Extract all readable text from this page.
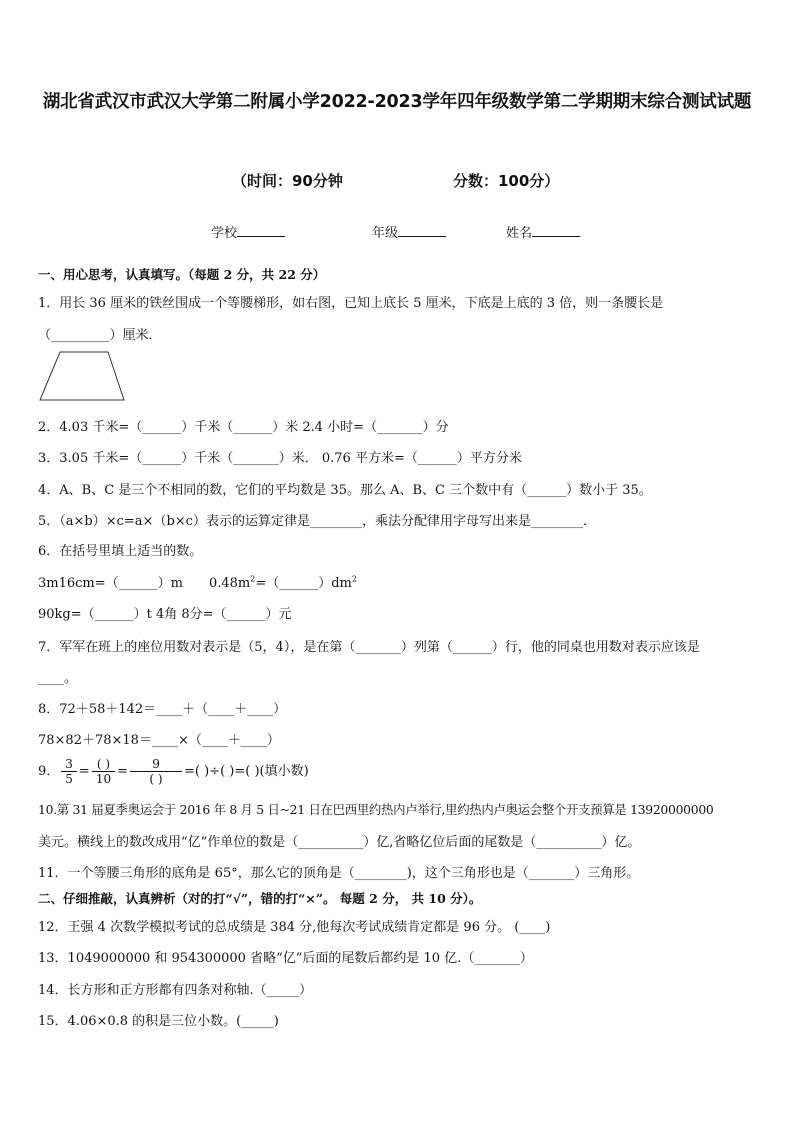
湖北省武汉市武汉大学第二附属小学2022-2023学年四年级数学第二学期期末综合测试试题
（时间：90分钟	分数：100分）
学校	年级	姓名
一、用心思考，认真填写。（每题 2 分，共 22 分）
1．用长 36 厘米的铁丝围成一个等腰梯形，如右图，已知上底长 5 厘米，下底是上底的 3 倍，则一条腰长是
（_________）厘米．
2．4.03 千米=（______）千米（______）米 2.4 小时=（_______）分
3．3.05 千米=（______）千米（_______）米． 0.76 平方米=（______）平方分米
4．A、B、C 是三个不相同的数，它们的平均数是 35。那么 A、B、C 三个数中有（______）数小于 35。
5．（a×b）×c=a×（b×c）表示的运算定律是________，乘法分配律用字母写出来是________．
6．在括号里填上适当的数。
3m16cm=（______）m $0.48m^2=(\_\_\_\_\_\_)dm^2$
90kg=（______）t 4角 8分=（______）元
7．军军在班上的座位用数对表示是（5，4），是在第（_______）列第（______）行，他的同桌也用数对表示应该是
____。
8．72＋58＋142＝____＋（____＋____）
78×82＋78×18＝____×（____＋____）
9． $\frac{3}{5} = \frac{( )}{10} = \frac{9}{( )}$ =( )÷( )=( )(填小数)
10.第 31 届夏季奥运会于 2016 年 8 月 5 日~21 日在巴西里约热内卢举行,里约热内卢奥运会整个开支预算是 13920000000
美元。横线上的数改成用“亿”作单位的数是（__________）亿,省略亿位后面的尾数是（__________）亿。
11．一个等腰三角形的底角是 65°，那么它的顶角是（________)，这个三角形也是（_______）三角形。
二、仔细推敲，认真辨析（对的打“√”，错的打“×”。 每题 2 分， 共 10 分）。
12．王强 4 次数学模拟考试的总成绩是 384 分,他每次考试成绩肯定都是 96 分。 (____)
13．1049000000 和 954300000 省略“亿”后面的尾数后都约是 10 亿.（_______）
14．长方形和正方形都有四条对称轴.（_____）
15．4.06×0.8 的积是三位小数。(_____)
